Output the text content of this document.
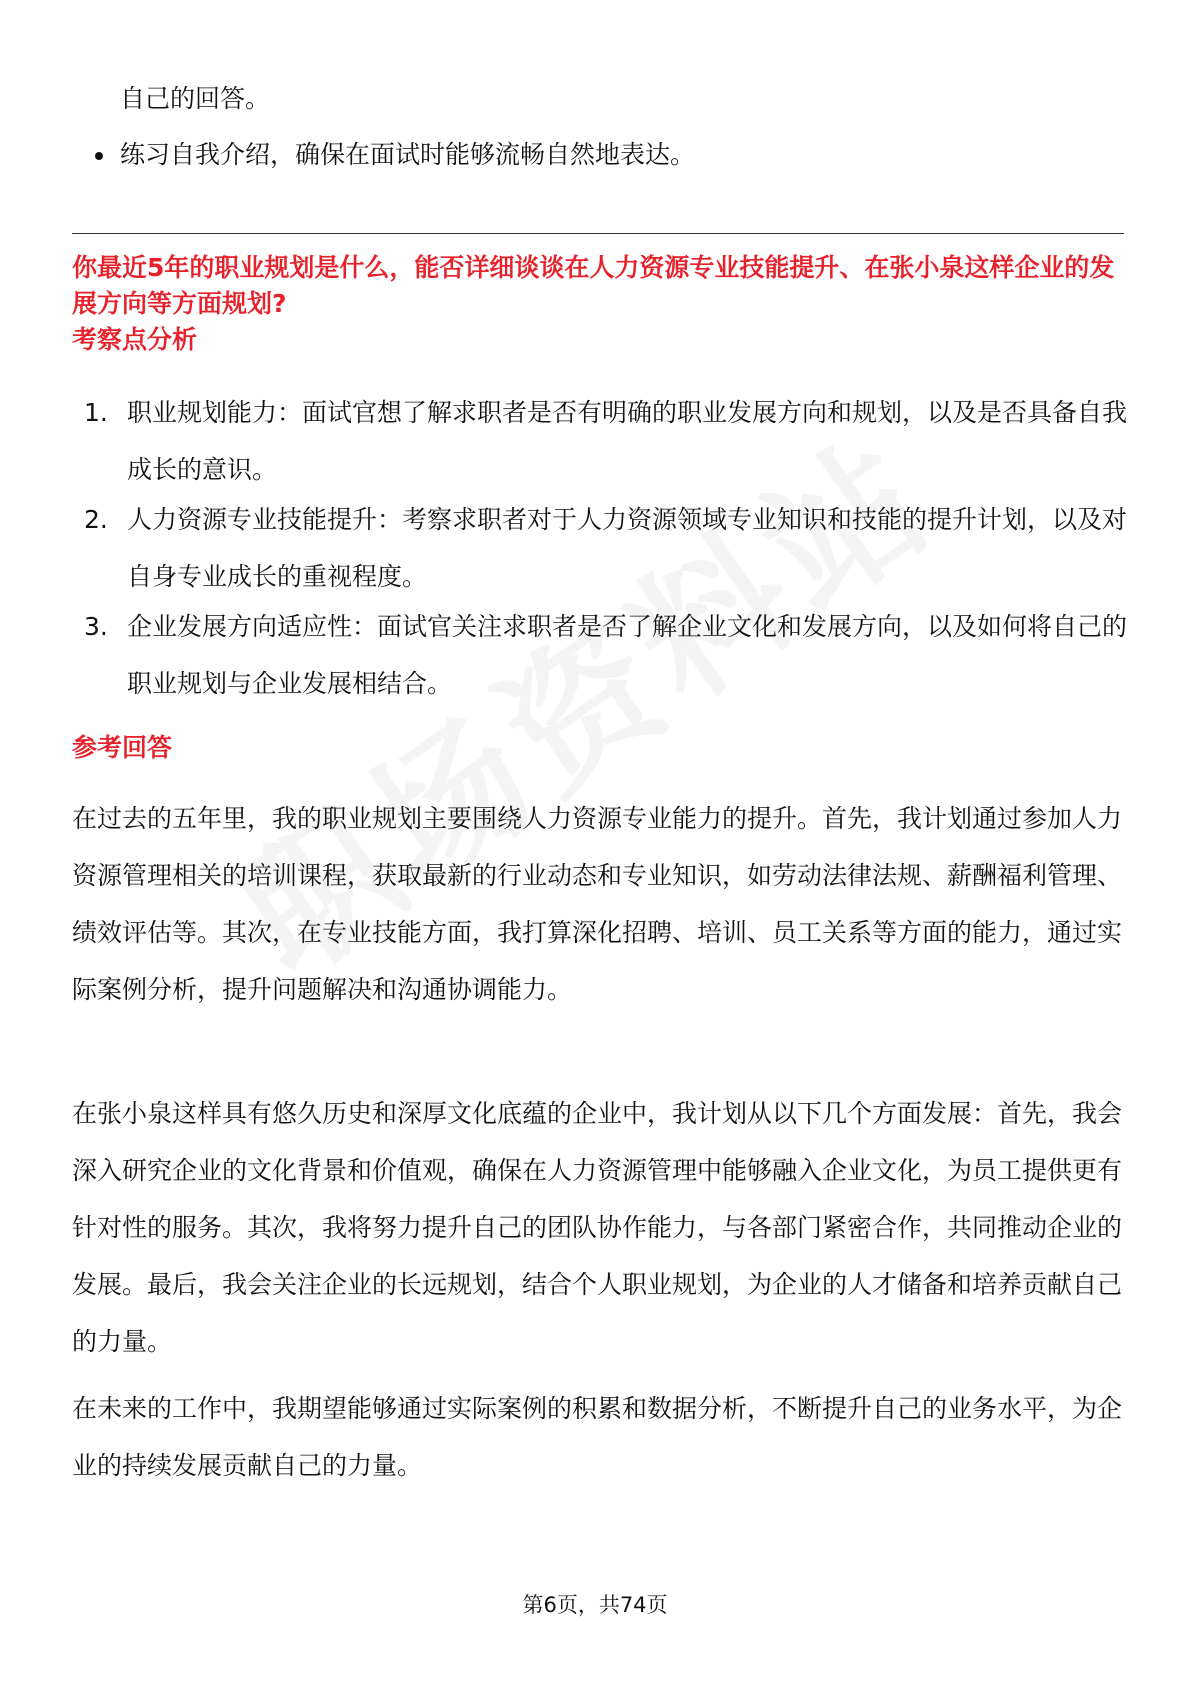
自己的回答。
练习自我介绍，确保在面试时能够流畅自然地表达。
你最近5年的职业规划是什么，能否详细谈谈在人力资源专业技能提升、在张小泉这样企业的发展方向等方面规划?
考察点分析
1. 职业规划能力：面试官想了解求职者是否有明确的职业发展方向和规划，以及是否具备自我成长的意识。
2. 人力资源专业技能提升：考察求职者对于人力资源领域专业知识和技能的提升计划，以及对自身专业成长的重视程度。
3. 企业发展方向适应性：面试官关注求职者是否了解企业文化和发展方向，以及如何将自己的职业规划与企业发展相结合。
参考回答

在过去的五年里，我的职业规划主要围绕人力资源专业能力的提升。首先，我计划通过参加人力资源管理相关的培训课程，获取最新的行业动态和专业知识，如劳动法律法规、薪酬福利管理、绩效评估等。其次，在专业技能方面，我打算深化招聘、培训、员工关系等方面的能力，通过实际案例分析，提升问题解决和沟通协调能力。

在张小泉这样具有悠久历史和深厚文化底蕴的企业中，我计划从以下几个方面发展：首先，我会深入研究企业的文化背景和价值观，确保在人力资源管理中能够融入企业文化，为员工提供更有针对性的服务。其次，我将努力提升自己的团队协作能力，与各部门紧密合作，共同推动企业的发展。最后，我会关注企业的长远规划，结合个人职业规划，为企业的人才储备和培养贡献自己的力量。

在未来的工作中，我期望能够通过实际案例的积累和数据分析，不断提升自己的业务水平，为企业的持续发展贡献自己的力量。

第6页，共74页
